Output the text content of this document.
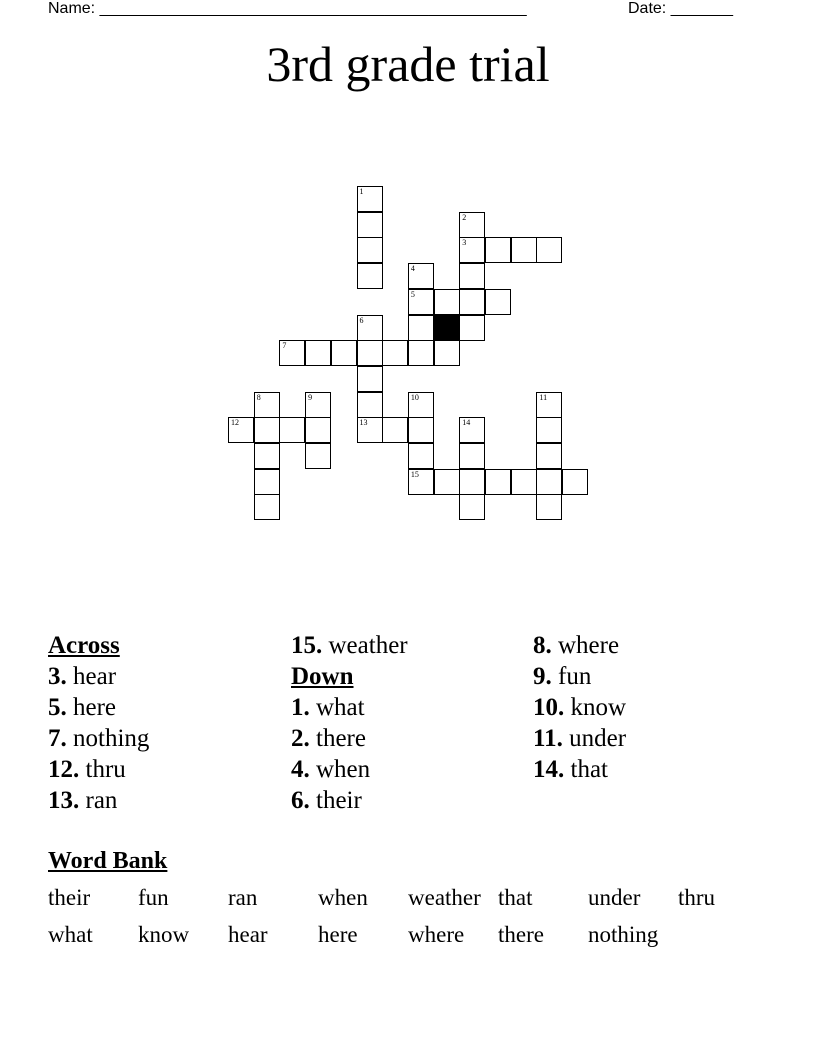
Name: ________________________________________________	Date: _______
3rd grade trial
1
2
3
4
5
6
13
7
8	9	10
15
11
12	14
Across
3. hear
5. here
7. nothing
12. thru
13. ran
15. weather
Down
1. what
2. there
4. when
6. their
8. where
9. fun
10. know
11. under
14. that
Word Bank
their fun	ran	when weather that under thru
what know hear here where there nothing
